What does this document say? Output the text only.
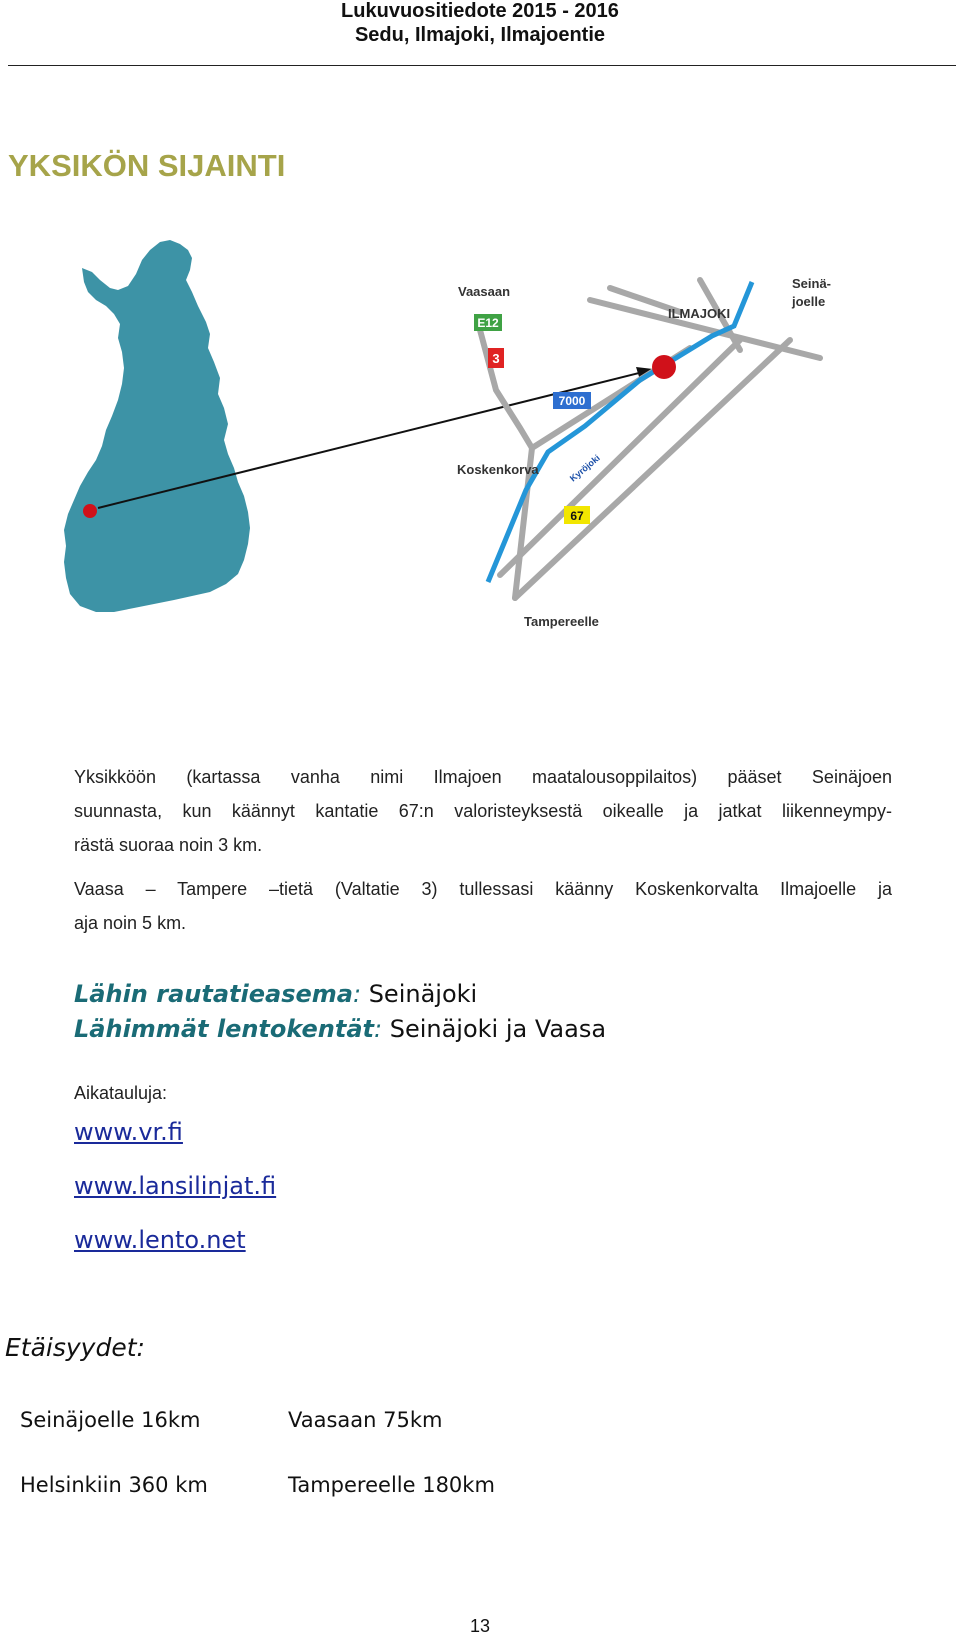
Lukuvuositiedote 2015 - 2016
Sedu, Ilmajoki, Ilmajoentie
YKSIKÖN SIJAINTI
E12
3
7000
67
Vaasaan
ILMAJOKI
Seinä-
joelle
Koskenkorva	Kyröjoki
Tampereelle
Yksikköön (kartassa vanha nimi Ilmajoen maatalousoppilaitos) pääset Seinäjoen
suunnasta, kun käännyt kantatie 67:n valoristeyksestä oikealle ja jatkat liikenneympy-
rästä suoraa noin 3 km.
Vaasa – Tampere –tietä (Valtatie 3) tullessasi käänny Koskenkorvalta Ilmajoelle ja
aja noin 5 km.
Lähin rautatieasema: Seinäjoki
Lähimmät lentokentät: Seinäjoki ja Vaasa
Aikatauluja:
www.vr.fi
www.lansilinjat.fi
www.lento.net
Etäisyydet:
Seinäjoelle 16km	Vaasaan 75km
Helsinkiin 360 km	Tampereelle 180km
13
